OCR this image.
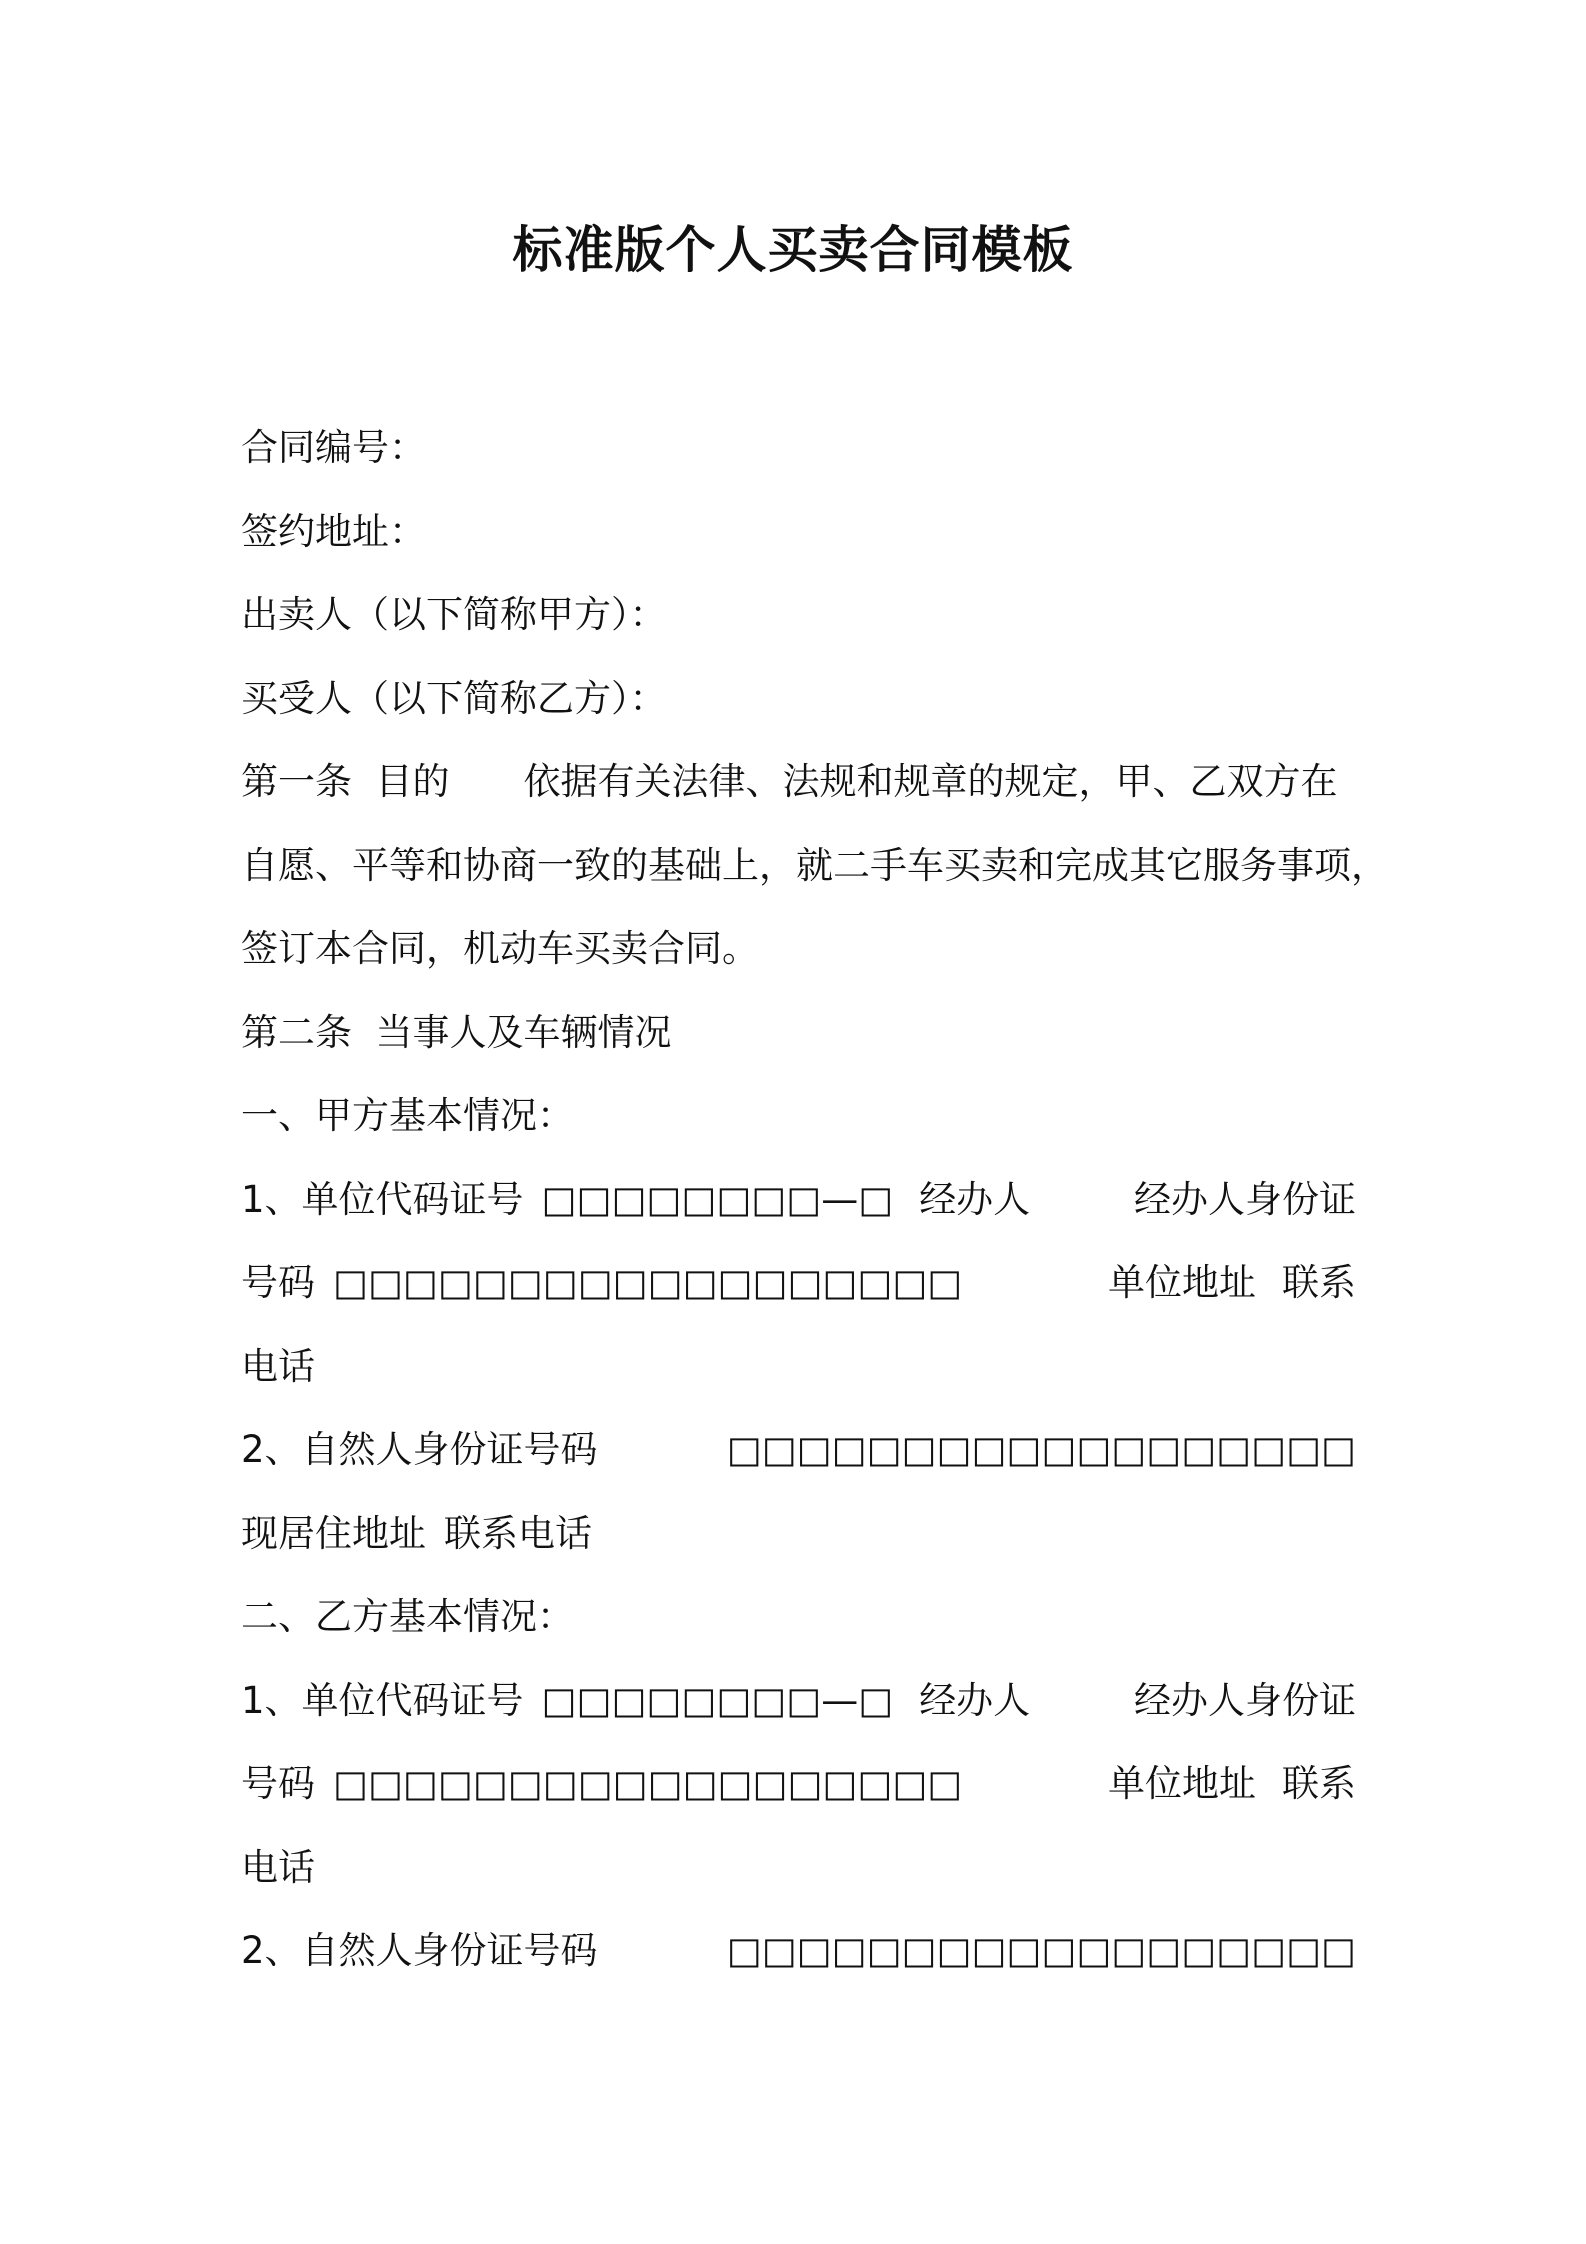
标准版个人买卖合同模板
合同编号：
签约地址：
出卖人（以下简称甲方）：
买受人（以下简称乙方）：
第一条  目的 依据有关法律、法规和规章的规定，甲、乙双方在
自愿、平等和协商一致的基础上，就二手车买卖和完成其它服务事项，
签订本合同，机动车买卖合同。
第二条  当事人及车辆情况
一、甲方基本情况：
1、单位代码证号 □□□□□□□□—□ 经办人	经办人身份证
号码 □□□□□□□□□□□□□□□□□□	单位地址 联系
电话
2、自然人身份证号码	□□□□□□□□□□□□□□□□□□
现居住地址 联系电话
二、乙方基本情况：
1、单位代码证号 □□□□□□□□—□ 经办人	经办人身份证
号码 □□□□□□□□□□□□□□□□□□	单位地址 联系
电话
2、自然人身份证号码	□□□□□□□□□□□□□□□□□□
